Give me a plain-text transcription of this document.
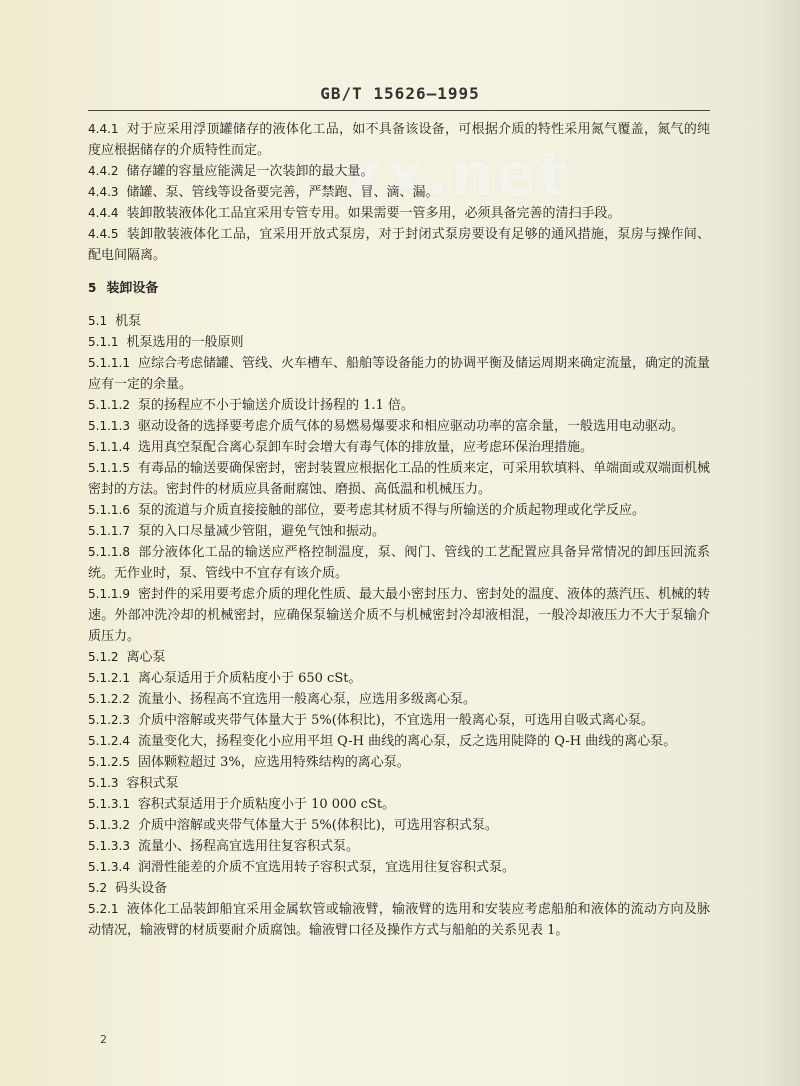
GB/T 15626—1995
xx.net

4.4.1 对于应采用浮顶罐储存的液体化工品，如不具备该设备，可根据介质的特性采用氮气覆盖，氮气的纯度应根据储存的介质特性而定。

4.4.2 储存罐的容量应能满足一次装卸的最大量。

4.4.3 储罐、泵、管线等设备要完善，严禁跑、冒、滴、漏。

4.4.4 装卸散装液体化工品宜采用专管专用。如果需要一管多用，必须具备完善的清扫手段。

4.4.5 装卸散装液体化工品，宜采用开放式泵房，对于封闭式泵房要设有足够的通风措施，泵房与操作间、配电间隔离。

5 装卸设备

5.1 机泵

5.1.1 机泵选用的一般原则

5.1.1.1 应综合考虑储罐、管线、火车槽车、船舶等设备能力的协调平衡及储运周期来确定流量，确定的流量应有一定的余量。

5.1.1.2 泵的扬程应不小于输送介质设计扬程的 1.1 倍。

5.1.1.3 驱动设备的选择要考虑介质气体的易燃易爆要求和相应驱动功率的富余量，一般选用电动驱动。

5.1.1.4 选用真空泵配合离心泵卸车时会增大有毒气体的排放量，应考虑环保治理措施。

5.1.1.5 有毒品的输送要确保密封，密封装置应根据化工品的性质来定，可采用软填料、单端面或双端面机械密封的方法。密封件的材质应具备耐腐蚀、磨损、高低温和机械压力。

5.1.1.6 泵的流道与介质直接接触的部位，要考虑其材质不得与所输送的介质起物理或化学反应。

5.1.1.7 泵的入口尽量减少管阻，避免气蚀和振动。

5.1.1.8 部分液体化工品的输送应严格控制温度，泵、阀门、管线的工艺配置应具备异常情况的卸压回流系统。无作业时，泵、管线中不宜存有该介质。

5.1.1.9 密封件的采用要考虑介质的理化性质、最大最小密封压力、密封处的温度、液体的蒸汽压、机械的转速。外部冲洗冷却的机械密封，应确保泵输送介质不与机械密封冷却液相混，一般冷却液压力不大于泵输介质压力。

5.1.2 离心泵

5.1.2.1 离心泵适用于介质粘度小于 650 cSt。

5.1.2.2 流量小、扬程高不宜选用一般离心泵，应选用多级离心泵。

5.1.2.3 介质中溶解或夹带气体量大于 5%(体积比)，不宜选用一般离心泵，可选用自吸式离心泵。

5.1.2.4 流量变化大，扬程变化小应用平坦 Q-H 曲线的离心泵，反之选用陡降的 Q-H 曲线的离心泵。

5.1.2.5 固体颗粒超过 3%，应选用特殊结构的离心泵。

5.1.3 容积式泵

5.1.3.1 容积式泵适用于介质粘度小于 10 000 cSt。

5.1.3.2 介质中溶解或夹带气体量大于 5%(体积比)，可选用容积式泵。

5.1.3.3 流量小、扬程高宜选用往复容积式泵。

5.1.3.4 润滑性能差的介质不宜选用转子容积式泵，宜选用往复容积式泵。

5.2 码头设备

5.2.1 液体化工品装卸船宜采用金属软管或输液臂，输液臂的选用和安装应考虑船舶和液体的流动方向及脉动情况，输液臂的材质要耐介质腐蚀。输液臂口径及操作方式与船舶的关系见表 1。

2
